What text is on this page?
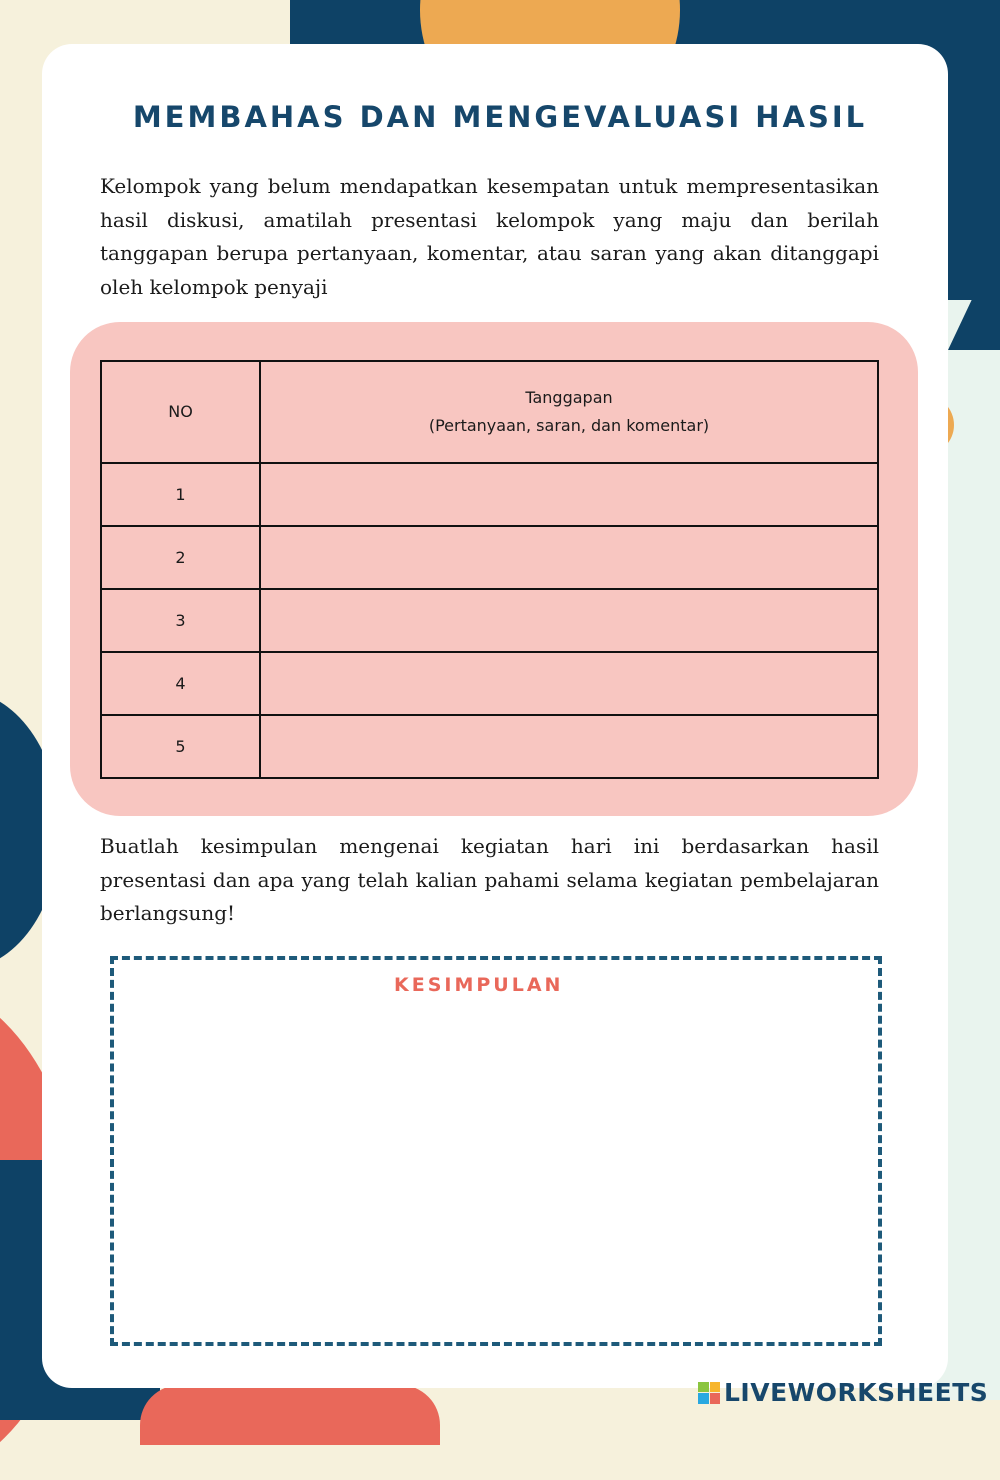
MEMBAHAS DAN MENGEVALUASI HASIL

Kelompok yang belum mendapatkan kesempatan untuk mempresentasikan hasil diskusi, amatilah presentasi kelompok yang maju dan berilah tanggapan berupa pertanyaan, komentar, atau saran yang akan ditanggapi oleh kelompok penyaji

NO	Tanggapan
(Pertanyaan, saran, dan komentar)

1	
2	
3	
4	
5	

Buatlah kesimpulan mengenai kegiatan hari ini berdasarkan hasil presentasi dan apa yang telah kalian pahami selama kegiatan pembelajaran berlangsung!

KESIMPULAN
LIVEWORKSHEETS
